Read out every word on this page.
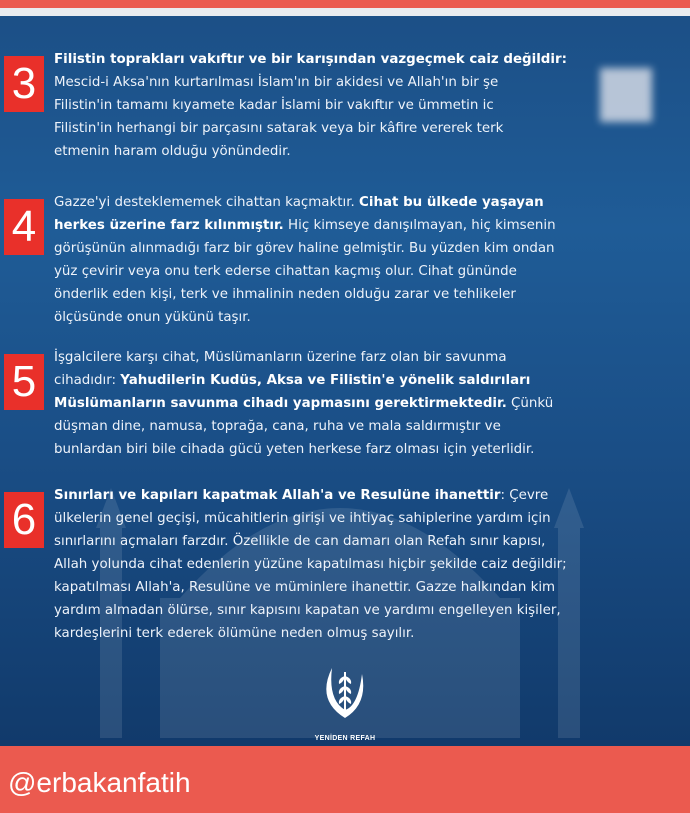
3	Filistin toprakları vakıftır ve bir karışından vazgeçmek caiz değildir:
Mescid-i Aksa'nın kurtarılması İslam'ın bir akidesi ve Allah'ın bir şe
Filistin'in tamamı kıyamete kadar İslami bir vakıftır ve ümmetin ic
Filistin'in herhangi bir parçasını satarak veya bir kâfire vererek terk
etmenin haram olduğu yönündedir.
4	Gazze'yi desteklememek cihattan kaçmaktır. Cihat bu ülkede yaşayan
herkes üzerine farz kılınmıştır. Hiç kimseye danışılmayan, hiç kimsenin
görüşünün alınmadığı farz bir görev haline gelmiştir. Bu yüzden kim ondan
yüz çevirir veya onu terk ederse cihattan kaçmış olur. Cihat gününde
önderlik eden kişi, terk ve ihmalinin neden olduğu zarar ve tehlikeler
ölçüsünde onun yükünü taşır.
5	İşgalcilere karşı cihat, Müslümanların üzerine farz olan bir savunma
cihadıdır: Yahudilerin Kudüs, Aksa ve Filistin'e yönelik saldırıları
Müslümanların savunma cihadı yapmasını gerektirmektedir. Çünkü
düşman dine, namusa, toprağa, cana, ruha ve mala saldırmıştır ve
bunlardan biri bile cihada gücü yeten herkese farz olması için yeterlidir.
6	Sınırları ve kapıları kapatmak Allah'a ve Resulüne ihanettir: Çevre
ülkelerin genel geçişi, mücahitlerin girişi ve ihtiyaç sahiplerine yardım için
sınırlarını açmaları farzdır. Özellikle de can damarı olan Refah sınır kapısı,
Allah yolunda cihat edenlerin yüzüne kapatılması hiçbir şekilde caiz değildir;
kapatılması Allah'a, Resulüne ve müminlere ihanettir. Gazze halkından kim
yardım almadan ölürse, sınır kapısını kapatan ve yardımı engelleyen kişiler,
kardeşlerini terk ederek ölümüne neden olmuş sayılır.
YENİDEN REFAH
@erbakanfatih
